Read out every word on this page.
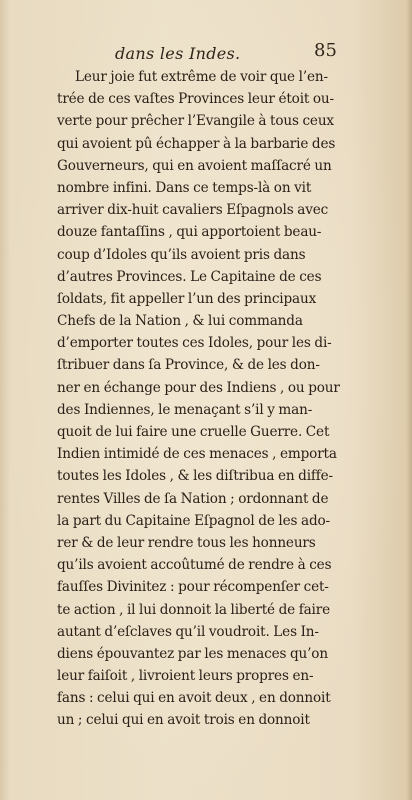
dans les Indes.	85
Leur joie fut extrême de voir que l’en-
trée de ces vaſtes Provinces leur étoit ou-
verte pour prêcher l’Evangile à tous ceux
qui avoient pû échapper à la barbarie des
Gouverneurs, qui en avoient maſſacré un
nombre infini. Dans ce temps-là on vit
arriver dix-huit cavaliers Eſpagnols avec
douze fantaſſins , qui apportoient beau-
coup d’Idoles qu’ils avoient pris dans
d’autres Provinces. Le Capitaine de ces
ſoldats, fit appeller l’un des principaux
Chefs de la Nation , & lui commanda
d’emporter toutes ces Idoles, pour les di-
ſtribuer dans ſa Province, & de les don-
ner en échange pour des Indiens , ou pour
des Indiennes, le menaçant s’il y man-
quoit de lui faire une cruelle Guerre. Cet
Indien intimidé de ces menaces , emporta
toutes les Idoles , & les diſtribua en diffe-
rentes Villes de ſa Nation ; ordonnant de
la part du Capitaine Eſpagnol de les ado-
rer & de leur rendre tous les honneurs
qu’ils avoient accoûtumé de rendre à ces
fauſſes Divinitez : pour récompenſer cet-
te action , il lui donnoit la liberté de faire
autant d’eſclaves qu’il voudroit. Les In-
diens épouvantez par les menaces qu’on
leur faiſoit , livroient leurs propres en-
fans : celui qui en avoit deux , en donnoit
un ; celui qui en avoit trois en donnoit
